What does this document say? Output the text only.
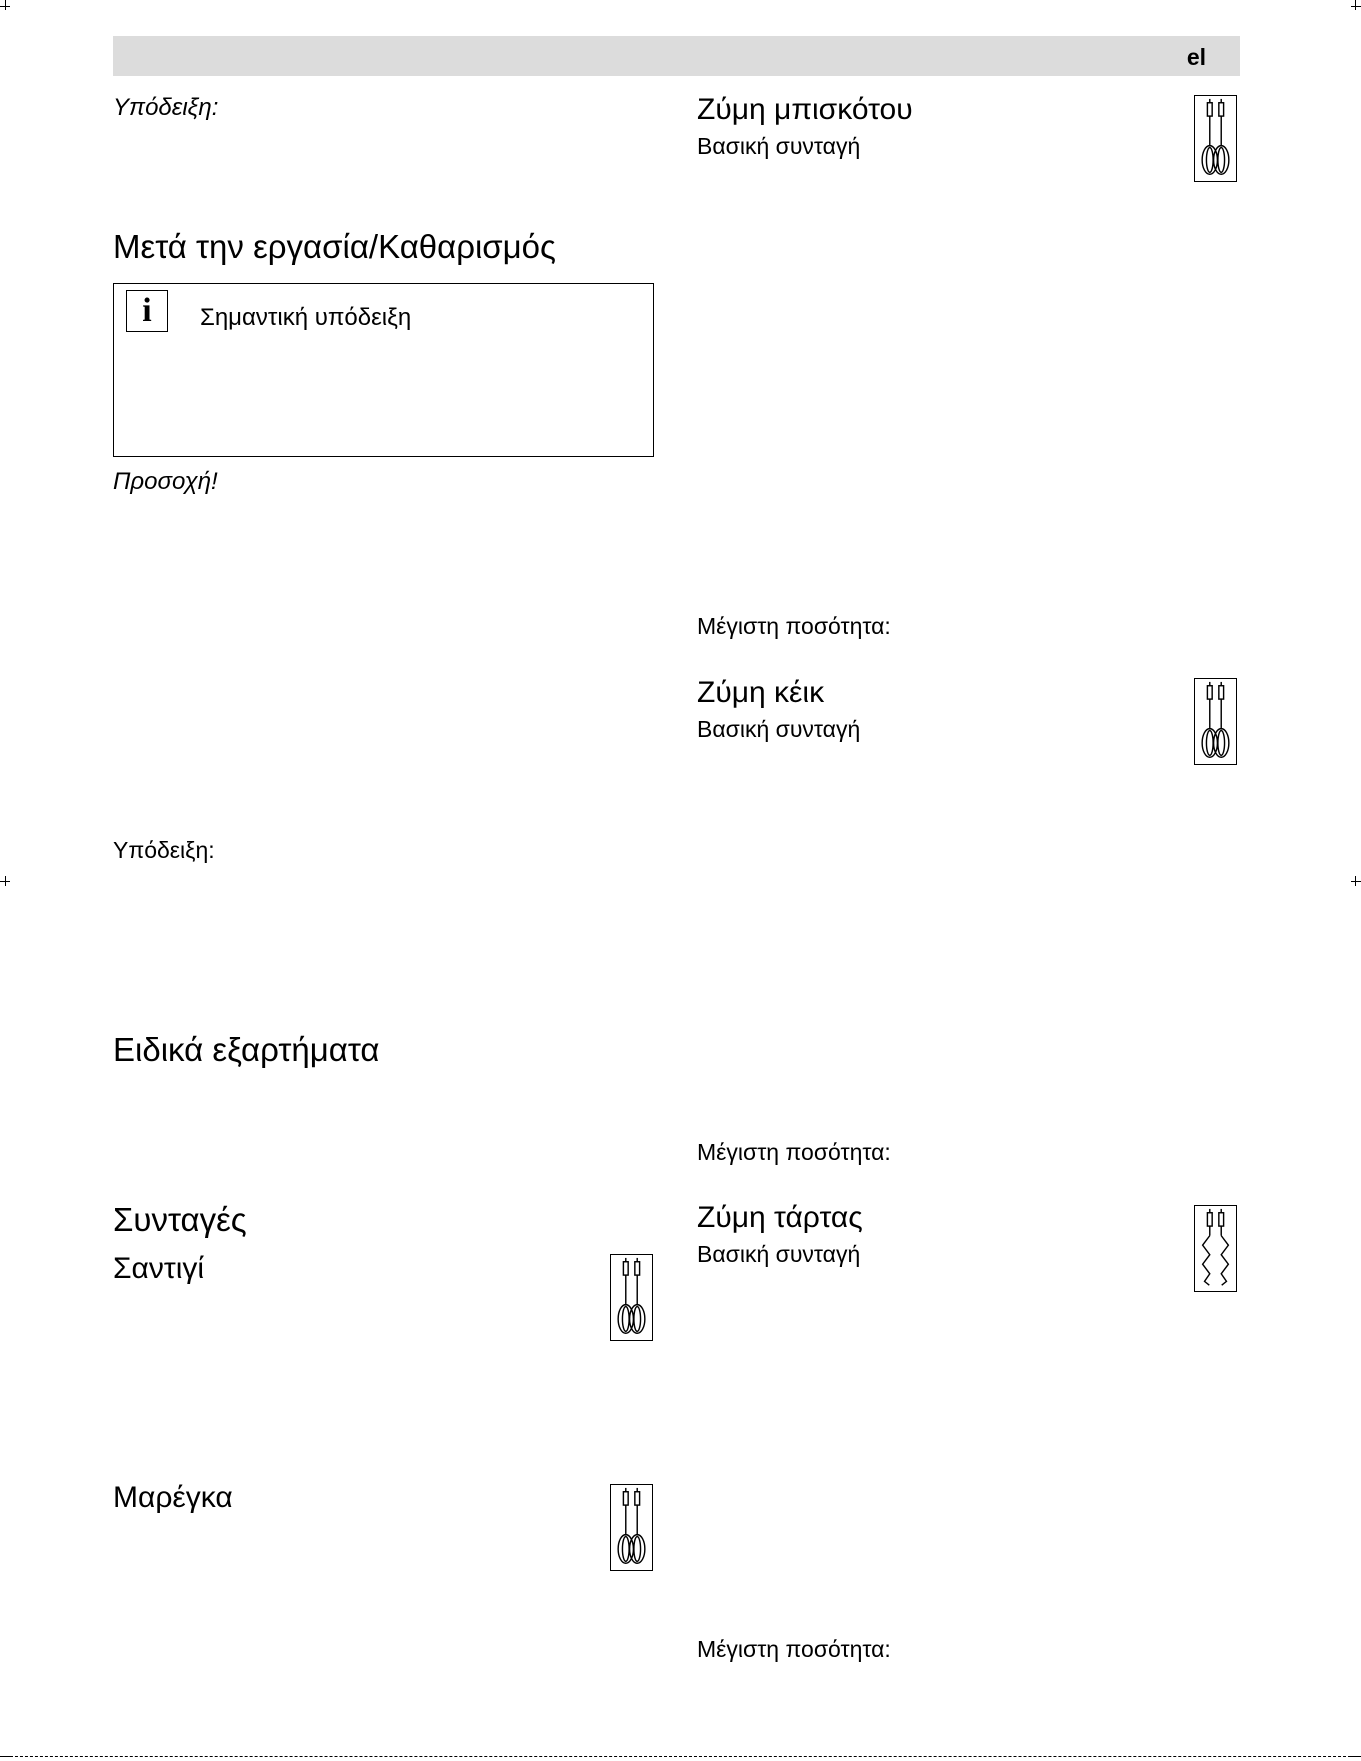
el
Υπόδειξη:
Μετά την εργασία/Καθαρισμός
i	Σημαντική υπόδειξη
Προσοχή!
Υπόδειξη:
Ειδικά εξαρτήματα
Συνταγές
Σαντιγί
Μαρέγκα
Ζύμη μπισκότου
Βασική συνταγή
Μέγιστη ποσότητα:
Ζύμη κέικ
Βασική συνταγή
Μέγιστη ποσότητα:
Ζύμη τάρτας
Βασική συνταγή
Μέγιστη ποσότητα:
